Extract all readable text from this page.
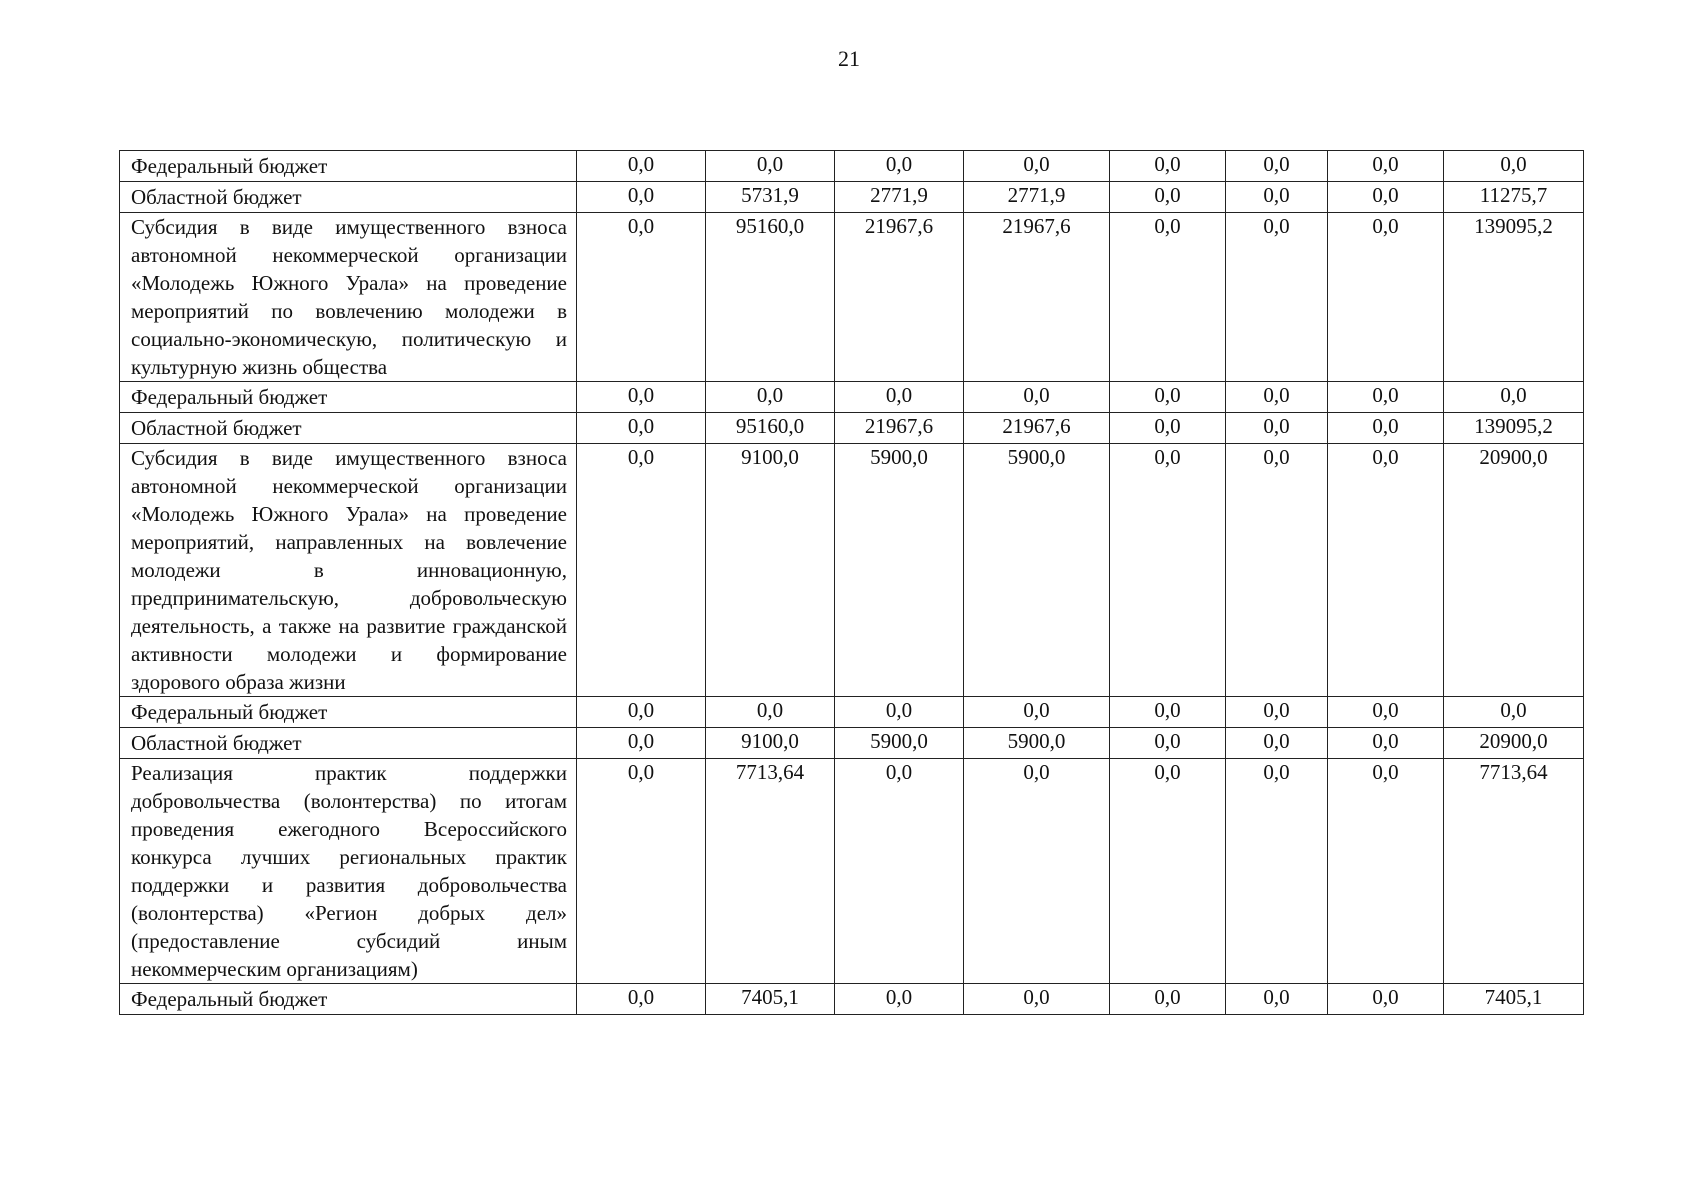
21
Федеральный бюджет	0,0	0,0	0,0	0,0	0,0	0,0	0,0	0,0
Областной бюджет	0,0	5731,9	2771,9	2771,9	0,0	0,0	0,0	11275,7
Субсидия в виде имущественного взноса автономной некоммерческой организации «Молодежь Южного Урала» на проведение мероприятий по вовлечению молодежи в социально-экономическую, политическую и культурную жизнь общества	0,0	95160,0	21967,6	21967,6	0,0	0,0	0,0	139095,2
Федеральный бюджет	0,0	0,0	0,0	0,0	0,0	0,0	0,0	0,0
Областной бюджет	0,0	95160,0	21967,6	21967,6	0,0	0,0	0,0	139095,2
Субсидия в виде имущественного взноса автономной некоммерческой организации «Молодежь Южного Урала» на проведение мероприятий, направленных на вовлечение молодежи в инновационную, предпринимательскую, добровольческую деятельность, а также на развитие гражданской активности молодежи и формирование здорового образа жизни	0,0	9100,0	5900,0	5900,0	0,0	0,0	0,0	20900,0
Федеральный бюджет	0,0	0,0	0,0	0,0	0,0	0,0	0,0	0,0
Областной бюджет	0,0	9100,0	5900,0	5900,0	0,0	0,0	0,0	20900,0
Реализация практик поддержки добровольчества (волонтерства) по итогам проведения ежегодного Всероссийского конкурса лучших региональных практик поддержки и развития добровольчества (волонтерства) «Регион добрых дел» (предоставление субсидий иным некоммерческим организациям)	0,0	7713,64	0,0	0,0	0,0	0,0	0,0	7713,64
Федеральный бюджет	0,0	7405,1	0,0	0,0	0,0	0,0	0,0	7405,1
